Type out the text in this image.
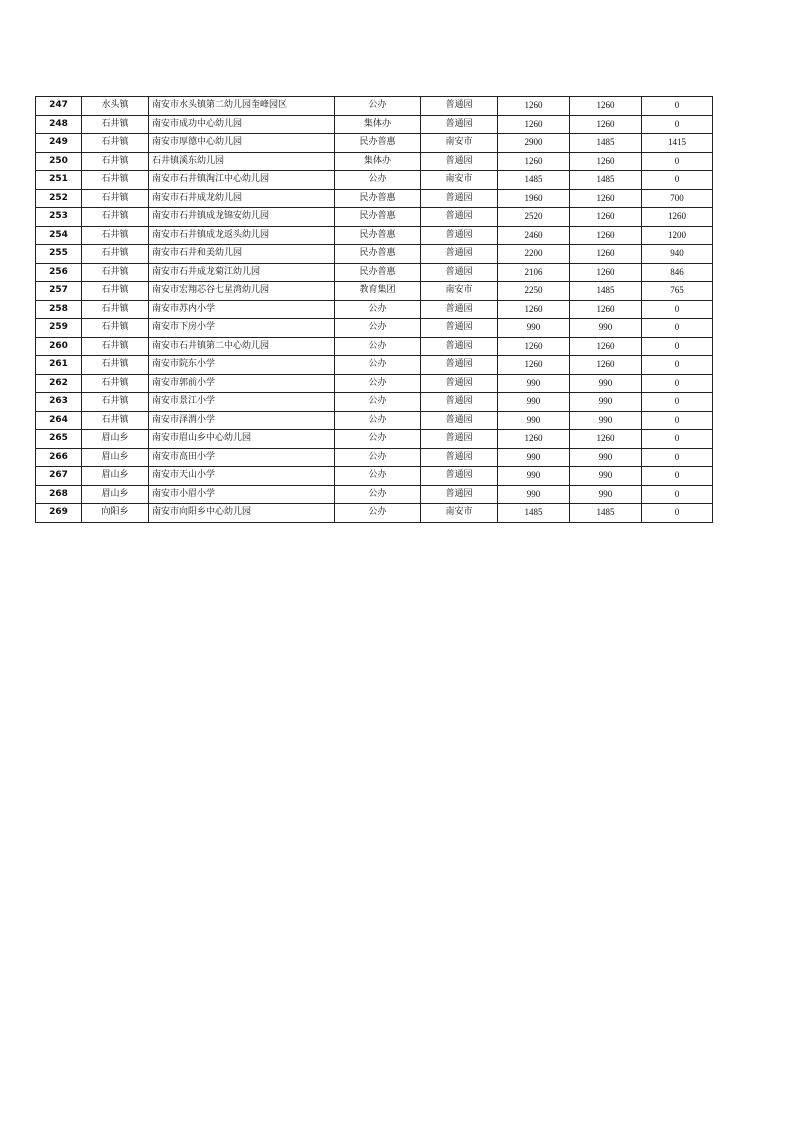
247	水头镇	南安市水头镇第二幼儿园奎峰园区	公办	普通园	1260	1260	0
248	石井镇	南安市成功中心幼儿园	集体办	普通园	1260	1260	0
249	石井镇	南安市厚德中心幼儿园	民办普惠	南安市	2900	1485	1415
250	石井镇	石井镇溪东幼儿园	集体办	普通园	1260	1260	0
251	石井镇	南安市石井镇淘江中心幼儿园	公办	南安市	1485	1485	0
252	石井镇	南安市石井成龙幼儿园	民办普惠	普通园	1960	1260	700
253	石井镇	南安市石井镇成龙锦安幼儿园	民办普惠	普通园	2520	1260	1260
254	石井镇	南安市石井镇成龙返头幼儿园	民办普惠	普通园	2460	1260	1200
255	石井镇	南安市石井和美幼儿园	民办普惠	普通园	2200	1260	940
256	石井镇	南安市石井成龙菊江幼儿园	民办普惠	普通园	2106	1260	846
257	石井镇	南安市宏翔芯谷七星湾幼儿园	教育集团	南安市	2250	1485	765
258	石井镇	南安市苏内小学	公办	普通园	1260	1260	0
259	石井镇	南安市下房小学	公办	普通园	990	990	0
260	石井镇	南安市石井镇第二中心幼儿园	公办	普通园	1260	1260	0
261	石井镇	南安市院东小学	公办	普通园	1260	1260	0
262	石井镇	南安市郭前小学	公办	普通园	990	990	0
263	石井镇	南安市景江小学	公办	普通园	990	990	0
264	石井镇	南安市泽渭小学	公办	普通园	990	990	0
265	眉山乡	南安市眉山乡中心幼儿园	公办	普通园	1260	1260	0
266	眉山乡	南安市高田小学	公办	普通园	990	990	0
267	眉山乡	南安市天山小学	公办	普通园	990	990	0
268	眉山乡	南安市小眉小学	公办	普通园	990	990	0
269	向阳乡	南安市向阳乡中心幼儿园	公办	南安市	1485	1485	0
